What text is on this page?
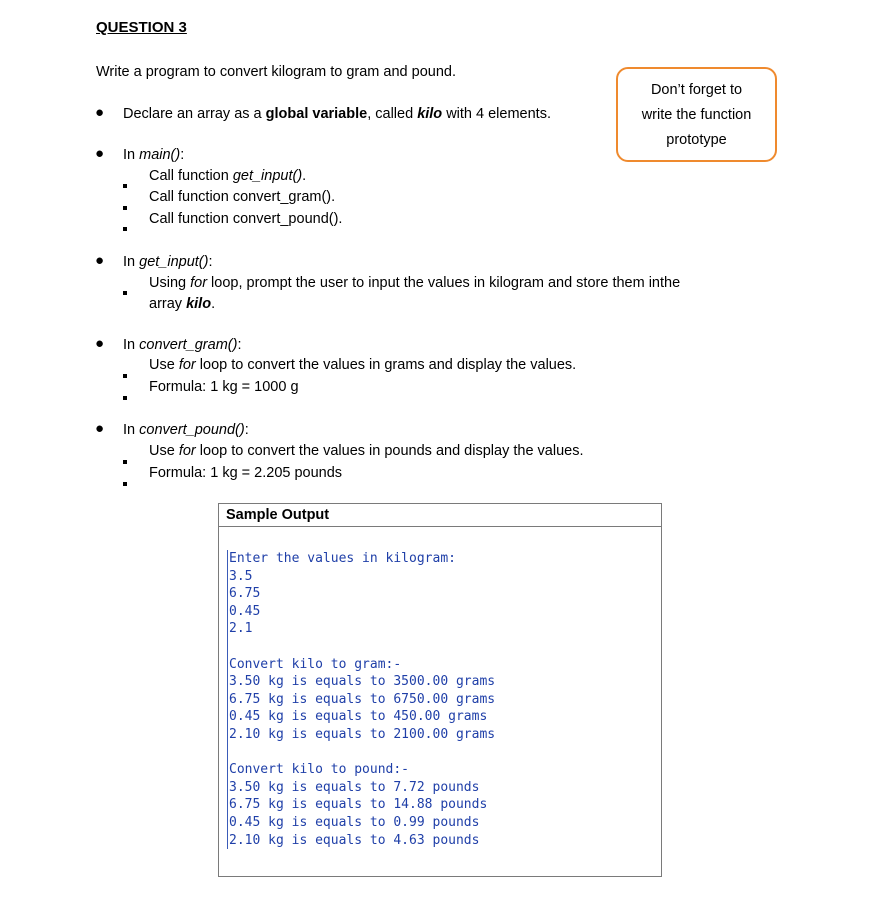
QUESTION 3
Write a program to convert kilogram to gram and pound.
● Declare an array as a global variable, called kilo with 4 elements.
Don’t forget to
write the function
prototype
● In main():
Call function get_input().
Call function convert_gram().
Call function convert_pound().
● In get_input():
Using for loop, prompt the user to input the values in kilogram and store them inthe
array kilo.
● In convert_gram():
Use for loop to convert the values in grams and display the values.
Formula: 1 kg = 1000 g
● In convert_pound():
Use for loop to convert the values in pounds and display the values.
Formula: 1 kg = 2.205 pounds
Sample Output
Enter the values in kilogram:
3.5
6.75
0.45
2.1
Convert kilo to gram:-
3.50 kg is equals to 3500.00 grams
6.75 kg is equals to 6750.00 grams
0.45 kg is equals to 450.00 grams
2.10 kg is equals to 2100.00 grams
Convert kilo to pound:-
3.50 kg is equals to 7.72 pounds
6.75 kg is equals to 14.88 pounds
0.45 kg is equals to 0.99 pounds
2.10 kg is equals to 4.63 pounds
